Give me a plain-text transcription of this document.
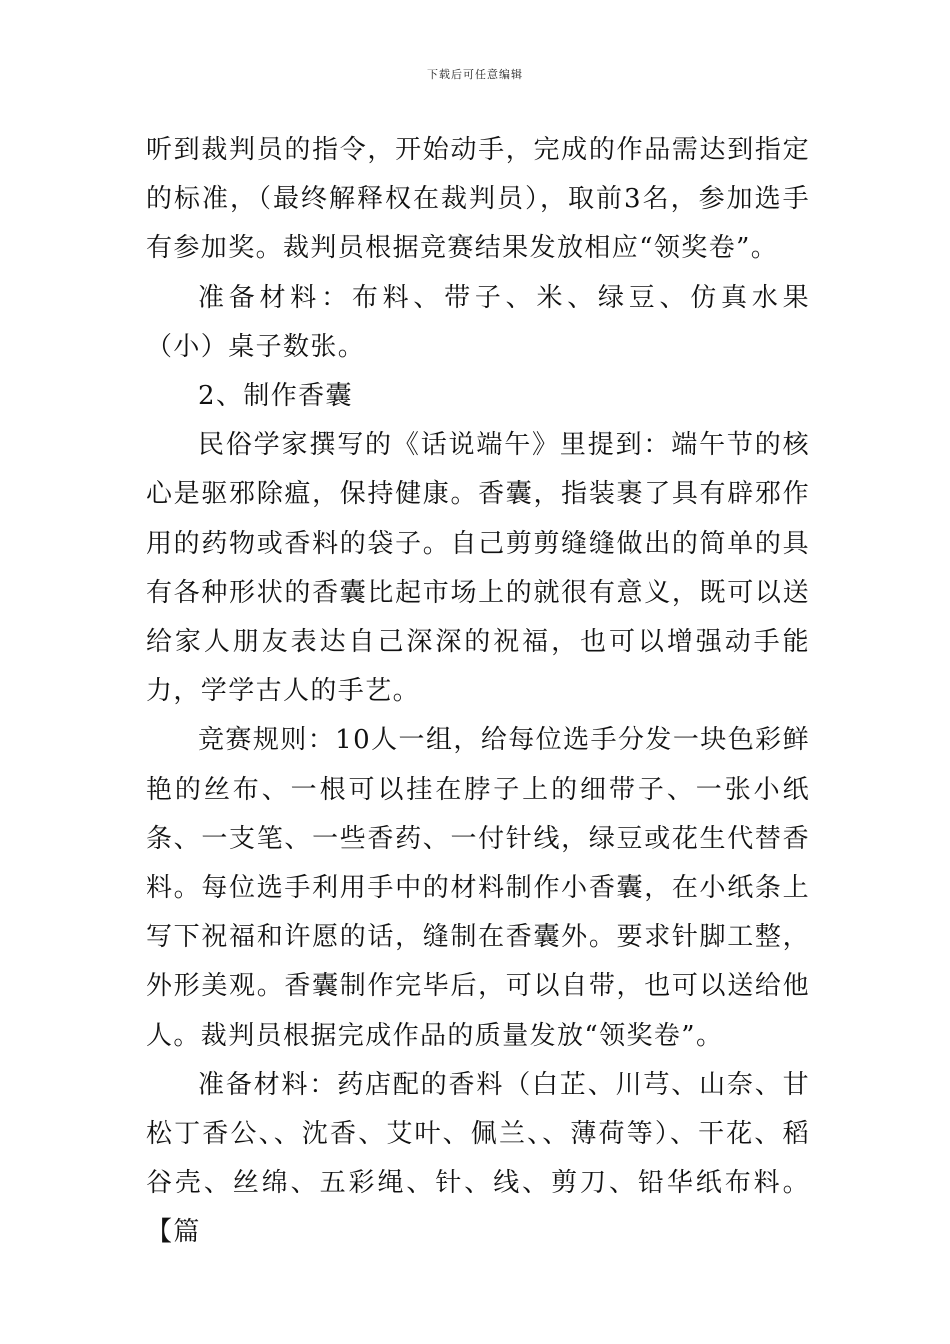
下载后可任意编辑

听到裁判员的指令，开始动手，完成的作品需达到指定的标准，（最终解释权在裁判员），取前3名，参加选手有参加奖。裁判员根据竞赛结果发放相应“领奖卷”。

准备材料：布料、带子、米、绿豆、仿真水果（小）桌子数张。

2、制作香囊

民俗学家撰写的《话说端午》里提到：端午节的核心是驱邪除瘟，保持健康。香囊，指装裹了具有辟邪作用的药物或香料的袋子。自己剪剪缝缝做出的简单的具有各种形状的香囊比起市场上的就很有意义，既可以送给家人朋友表达自己深深的祝福，也可以增强动手能力，学学古人的手艺。

竞赛规则：10人一组，给每位选手分发一块色彩鲜艳的丝布、一根可以挂在脖子上的细带子、一张小纸条、一支笔、一些香药、一付针线，绿豆或花生代替香料。每位选手利用手中的材料制作小香囊，在小纸条上写下祝福和许愿的话，缝制在香囊外。要求针脚工整，外形美观。香囊制作完毕后，可以自带，也可以送给他人。裁判员根据完成作品的质量发放“领奖卷”。

准备材料：药店配的香料（白芷、川芎、山奈、甘松丁香公、、沈香、艾叶、佩兰、、薄荷等）、干花、稻谷壳、丝绵、五彩绳、针、线、剪刀、铅华纸布料。【篇
